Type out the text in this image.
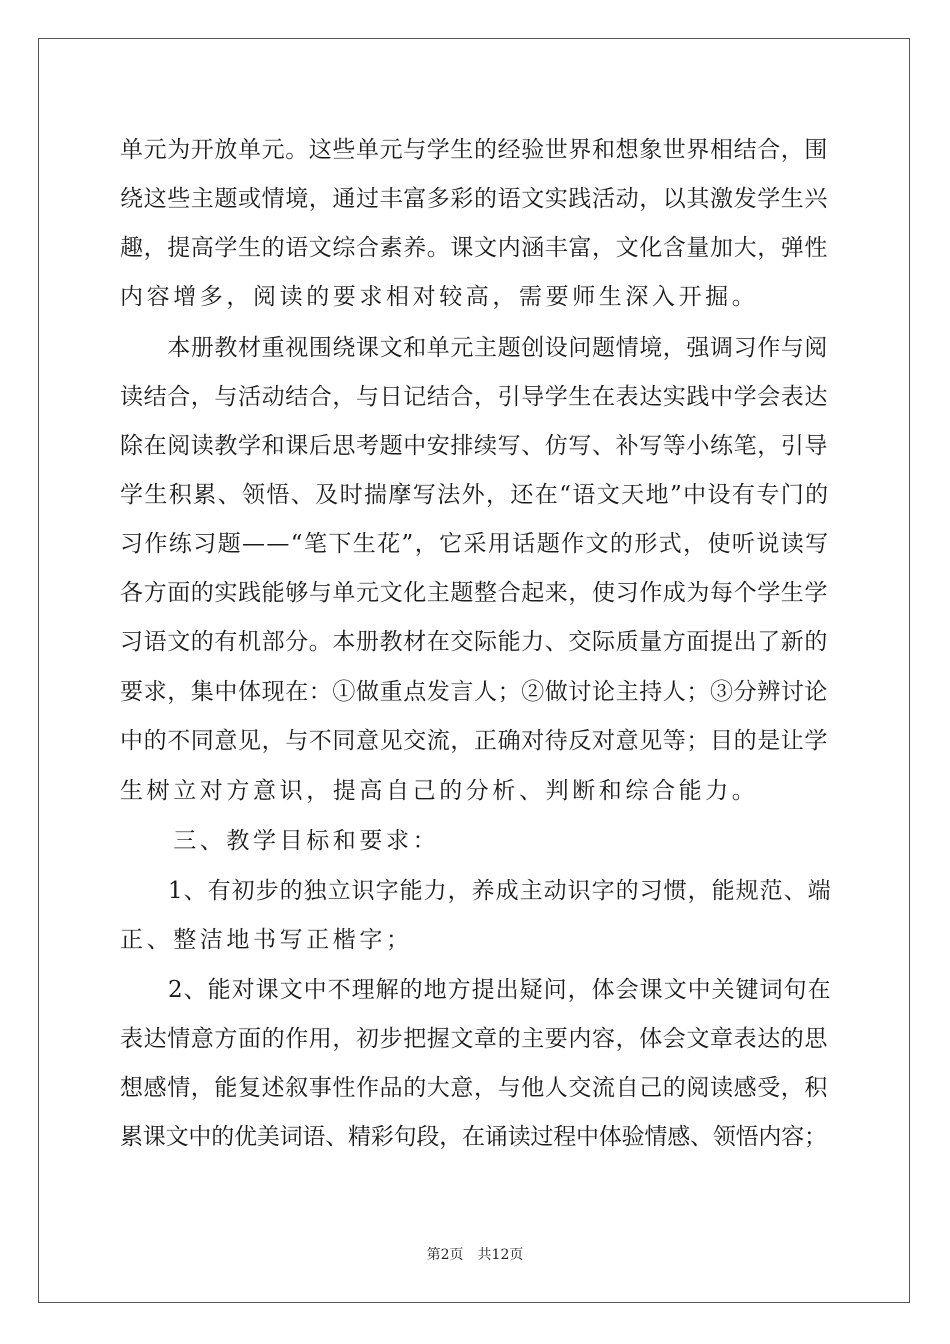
单元为开放单元。这些单元与学生的经验世界和想象世界相结合，围
绕这些主题或情境，通过丰富多彩的语文实践活动，以其激发学生兴
趣，提高学生的语文综合素养。课文内涵丰富，文化含量加大，弹性
内容增多，阅读的要求相对较高，需要师生深入开掘。
　　本册教材重视围绕课文和单元主题创设问题情境，强调习作与阅
读结合，与活动结合，与日记结合，引导学生在表达实践中学会表达
除在阅读教学和课后思考题中安排续写、仿写、补写等小练笔，引导
学生积累、领悟、及时揣摩写法外，还在“语文天地”中设有专门的
习作练习题——“笔下生花”，它采用话题作文的形式，使听说读写
各方面的实践能够与单元文化主题整合起来，使习作成为每个学生学
习语文的有机部分。本册教材在交际能力、交际质量方面提出了新的
要求，集中体现在：①做重点发言人；②做讨论主持人；③分辨讨论
中的不同意见，与不同意见交流，正确对待反对意见等；目的是让学
生树立对方意识，提高自己的分析、判断和综合能力。
　　三、教学目标和要求：
　　1、有初步的独立识字能力，养成主动识字的习惯，能规范、端
正、整洁地书写正楷字；
　　2、能对课文中不理解的地方提出疑问，体会课文中关键词句在
表达情意方面的作用，初步把握文章的主要内容，体会文章表达的思
想感情，能复述叙事性作品的大意，与他人交流自己的阅读感受，积
累课文中的优美词语、精彩句段，在诵读过程中体验情感、领悟内容；
第2页　共12页
